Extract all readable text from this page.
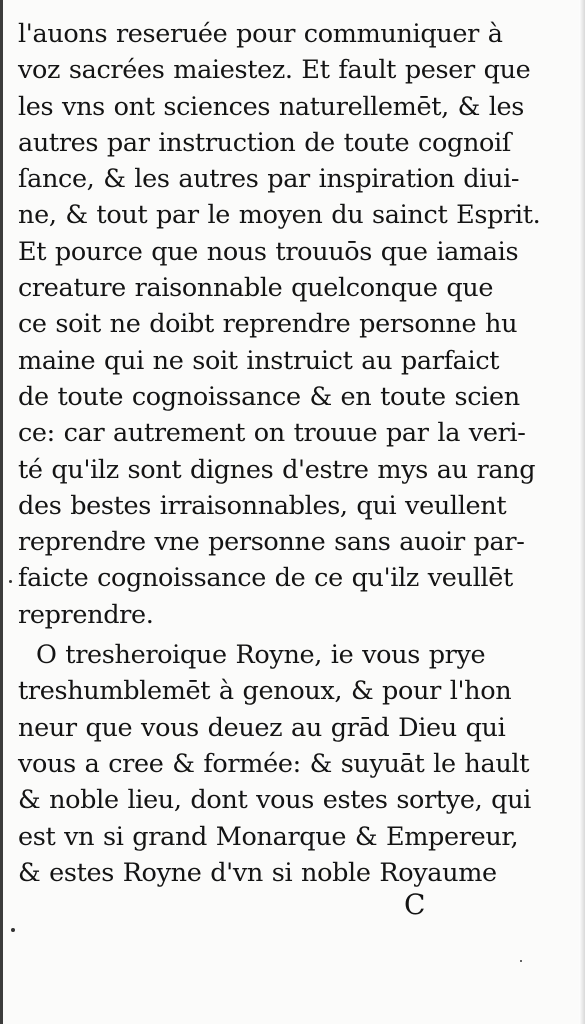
l'auons reseruée pour communiquer à
voz sacrées maiestez. Et fault peser que
les vns ont sciences naturellemēt, & les
autres par instruction de toute cognoiſ
ſance, & les autres par inspiration diui-
ne, & tout par le moyen du sainct Esprit.
Et pource que nous trouuōs que iamais
creature raisonnable quelconque que
ce soit ne doibt reprendre personne hu
maine qui ne soit instruict au parfaict
de toute cognoissance & en toute scien
ce: car autrement on trouue par la veri-
té qu'ilz sont dignes d'estre mys au rang
des bestes irraisonnables, qui veullent
reprendre vne personne sans auoir par-
faicte cognoissance de ce qu'ilz veullēt
reprendre.
O tresheroique Royne, ie vous prye
treshumblemēt à genoux, & pour l'hon
neur que vous deuez au grād Dieu qui
vous a cree & formée: & suyuāt le hault
& noble lieu, dont vous estes sortye, qui
est vn si grand Monarque & Empereur,
& estes Royne d'vn si noble Royaume
C
